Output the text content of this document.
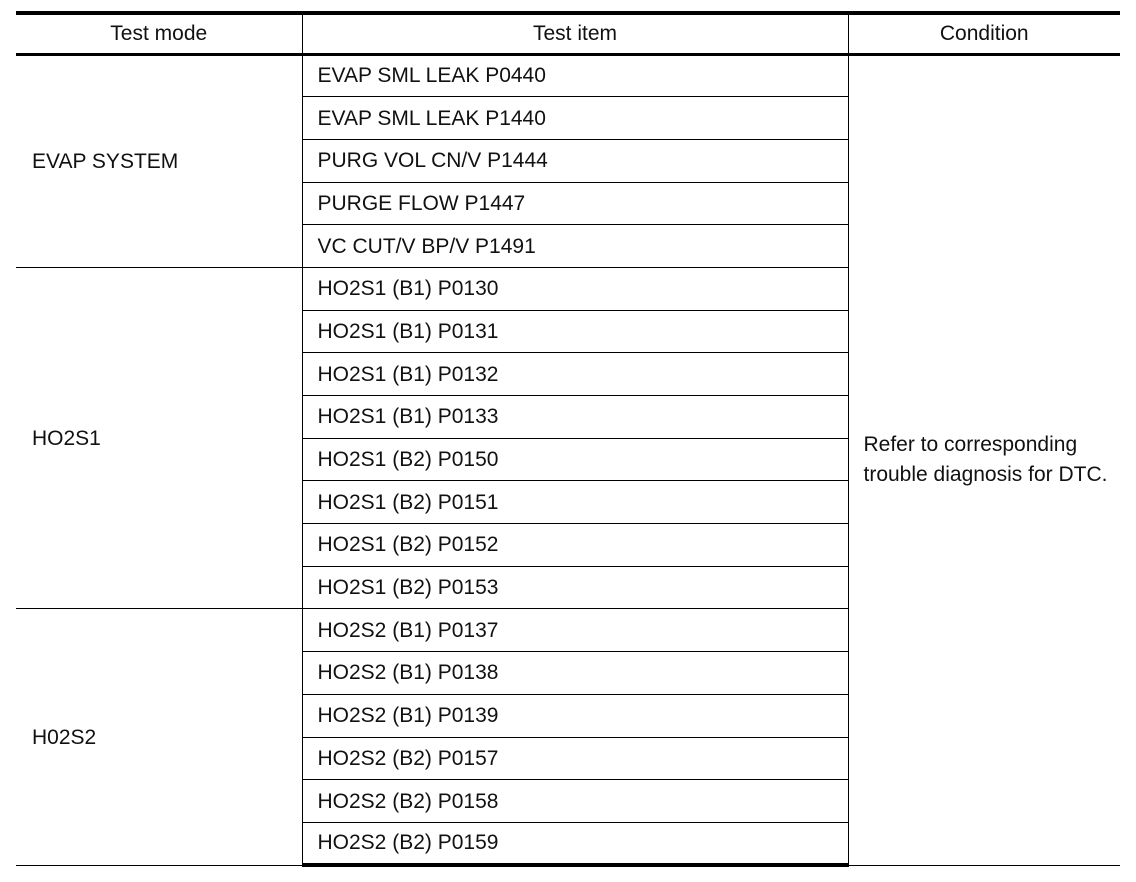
Test mode	Test item	Condition
EVAP SYSTEM	EVAP SML LEAK P0440	Refer to corresponding trouble diagnosis for DTC.
	EVAP SML LEAK P1440	
	PURG VOL CN/V P1444	
	PURGE FLOW P1447	
	VC CUT/V BP/V P1491	
HO2S1	HO2S1 (B1) P0130	
	HO2S1 (B1) P0131	
	HO2S1 (B1) P0132	
	HO2S1 (B1) P0133	
	HO2S1 (B2) P0150	
	HO2S1 (B2) P0151	
	HO2S1 (B2) P0152	
	HO2S1 (B2) P0153	
H02S2	HO2S2 (B1) P0137	
	HO2S2 (B1) P0138	
	HO2S2 (B1) P0139	
	HO2S2 (B2) P0157	
	HO2S2 (B2) P0158	
	HO2S2 (B2) P0159	
